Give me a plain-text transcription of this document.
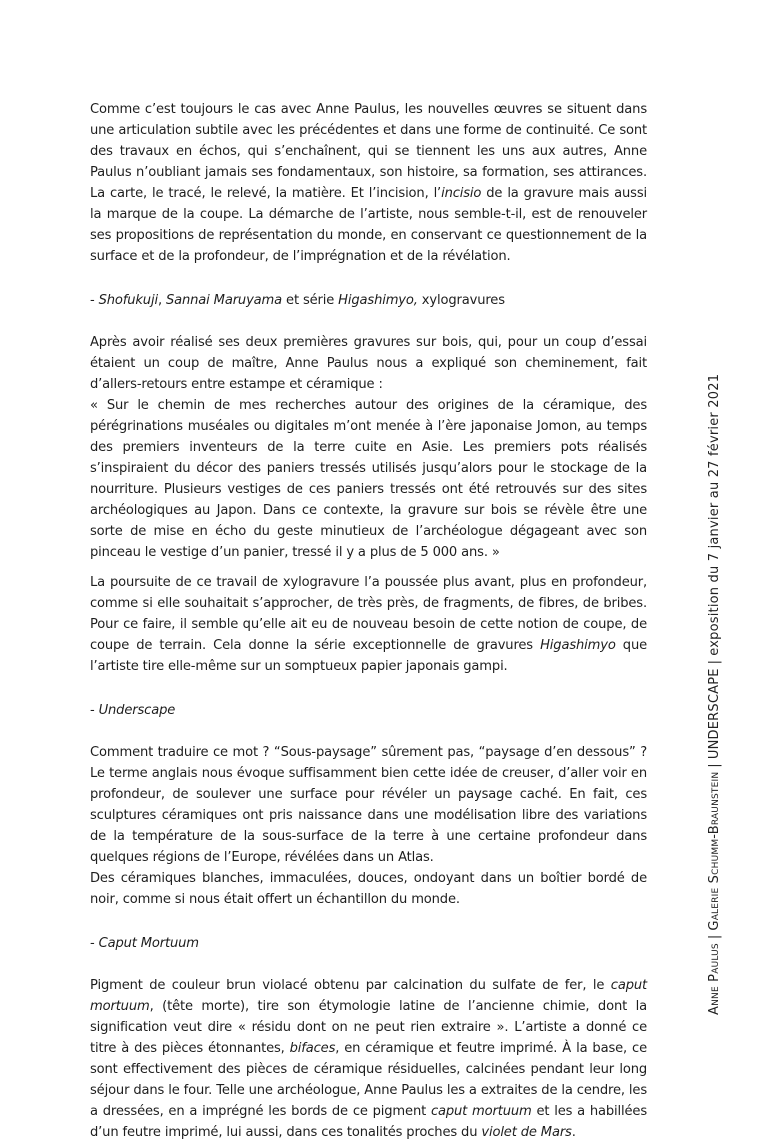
Comme c’est toujours le cas avec Anne Paulus, les nouvelles œuvres se situent dans une articulation subtile avec les précédentes et dans une forme de continuité. Ce sont des travaux en échos, qui s’enchaînent, qui se tiennent les uns aux autres, Anne Paulus n’oubliant jamais ses fondamentaux, son histoire, sa formation, ses attirances. La carte, le tracé, le relevé, la matière. Et l’incision, l’incisio de la gravure mais aussi la marque de la coupe. La démarche de l’artiste, nous semble-t-il, est de renouveler ses propositions de représentation du monde, en conservant ce questionnement de la surface et de la profondeur, de l’imprégnation et de la révélation.

- Shofukuji, Sannai Maruyama et série Higashimyo, xylogravures

Après avoir réalisé ses deux premières gravures sur bois, qui, pour un coup d’essai étaient un coup de maître, Anne Paulus nous a expliqué son cheminement, fait d’allers-retours entre estampe et céramique :

« Sur le chemin de mes recherches autour des origines de la céramique, des pérégrinations muséales ou digitales m’ont menée à l’ère japonaise Jomon, au temps des premiers inventeurs de la terre cuite en Asie. Les premiers pots réalisés s’inspiraient du décor des paniers tressés utilisés jusqu’alors pour le stockage de la nourriture. Plusieurs vestiges de ces paniers tressés ont été retrouvés sur des sites archéologiques au Japon. Dans ce contexte, la gravure sur bois se révèle être une sorte de mise en écho du geste minutieux de l’archéologue dégageant avec son pinceau le vestige d’un panier, tressé il y a plus de 5 000 ans. »

La poursuite de ce travail de xylogravure l’a poussée plus avant, plus en profondeur, comme si elle souhaitait s’approcher, de très près, de fragments, de fibres, de bribes. Pour ce faire, il semble qu’elle ait eu de nouveau besoin de cette notion de coupe, de coupe de terrain. Cela donne la série exceptionnelle de gravures Higashimyo que l’artiste tire elle-même sur un somptueux papier japonais gampi.

- Underscape

Comment traduire ce mot ? “Sous-paysage” sûrement pas, “paysage d’en dessous” ? Le terme anglais nous évoque suffisamment bien cette idée de creuser, d’aller voir en profondeur, de soulever une surface pour révéler un paysage caché. En fait, ces sculptures céramiques ont pris naissance dans une modélisation libre des variations de la température de la sous-surface de la terre à une certaine profondeur dans quelques régions de l’Europe, révélées dans un Atlas.

Des céramiques blanches, immaculées, douces, ondoyant dans un boîtier bordé de noir, comme si nous était offert un échantillon du monde.

- Caput Mortuum

Pigment de couleur brun violacé obtenu par calcination du sulfate de fer, le caput mortuum, (tête morte), tire son étymologie latine de l’ancienne chimie, dont la signification veut dire « résidu dont on ne peut rien extraire ». L’artiste a donné ce titre à des pièces étonnantes, bifaces, en céramique et feutre imprimé. À la base, ce sont effectivement des pièces de céramique résiduelles, calcinées pendant leur long séjour dans le four. Telle une archéologue, Anne Paulus les a extraites de la cendre, les a dressées, en a imprégné les bords de ce pigment caput mortuum et les a habillées d’un feutre imprimé, lui aussi, dans ces tonalités proches du violet de Mars.

Anne Paulus|Galerie Schumm-Braunstein|UNDERSCAPE|exposition du 7 janvier au 27 février 2021
